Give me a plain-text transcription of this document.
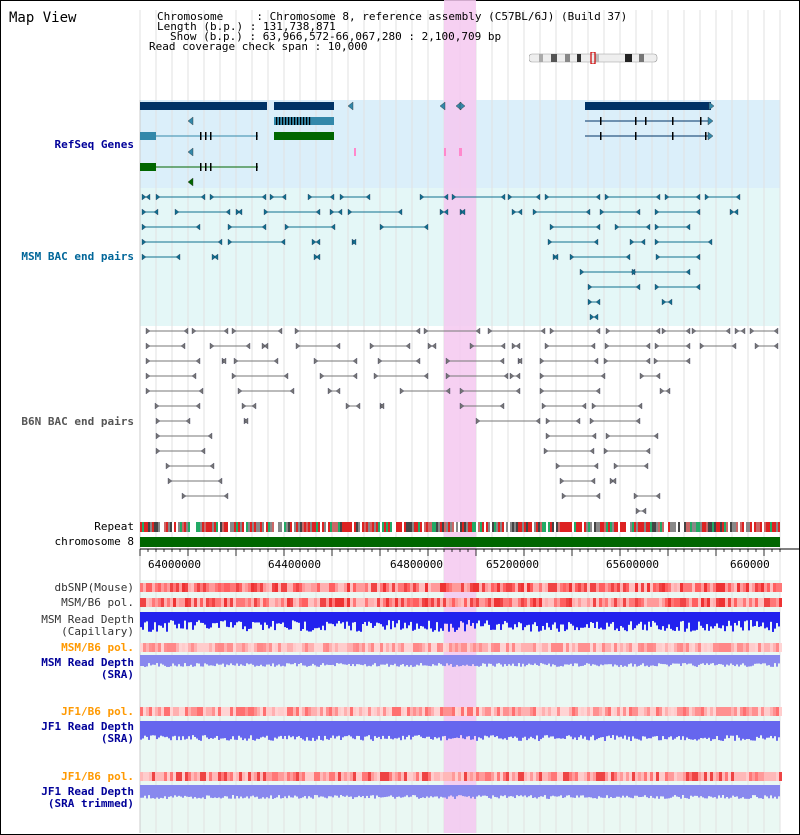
64000000	64400000	64800000	65200000	65600000	660000
Map View	Chromosome     : Chromosome 8, reference assembly (C57BL/6J) (Build 37)
Length (b.p.) : 131,738,871
Show (b.p.) : 63,966,572-66,067,280 : 2,100,709 bp
Read coverage check span : 10,000
RefSeq Genes
MSM BAC end pairs
B6N BAC end pairs
Repeat
chromosome 8
dbSNP(Mouse)
MSM/B6 pol.
MSM Read Depth
(Capillary)
MSM/B6 pol.
MSM Read Depth
(SRA)
JF1/B6 pol.
JF1 Read Depth
(SRA)
JF1/B6 pol.
JF1 Read Depth
(SRA trimmed)
